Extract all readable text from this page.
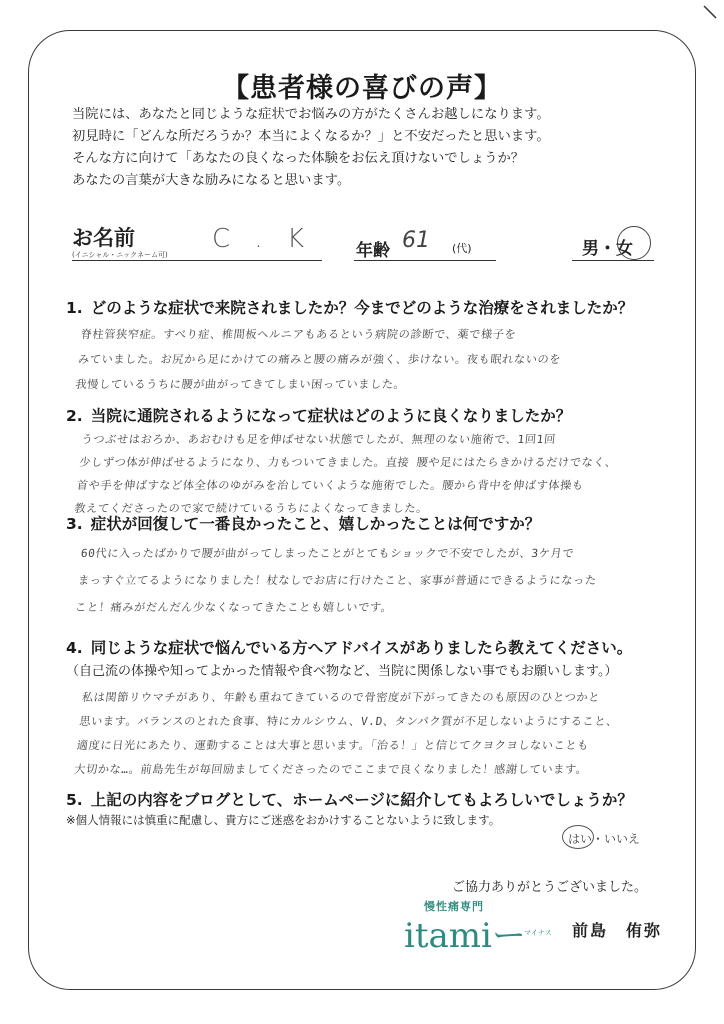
【患者様の喜びの声】
当院には、あなたと同じような症状でお悩みの方がたくさんお越しになります。
初見時に「どんな所だろうか？本当によくなるか？」と不安だったと思います。
そんな方に向けて「あなたの良くなった体験をお伝え頂けないでしょうか？
あなたの言葉が大きな励みになると思います。
お名前
(イニシャル・ニックネーム可)
C . K	年齢 61 (代)	男・女
1. どのような症状で来院されましたか？今までどのような治療をされましたか？
脊柱管狭窄症。すべり症、椎間板ヘルニアもあるという病院の診断で、薬で様子を
みていました。お尻から足にかけての痛みと腰の痛みが強く、歩けない。夜も眠れないのを
我慢しているうちに腰が曲がってきてしまい困っていました。
2. 当院に通院されるようになって症状はどのように良くなりましたか？
うつぶせはおろか、あおむけも足を伸ばせない状態でしたが、無理のない施術で、1回1回
少しずつ体が伸ばせるようになり、力もついてきました。直接 腰や足にはたらきかけるだけでなく、
首や手を伸ばすなど体全体のゆがみを治していくような施術でした。腰から背中を伸ばす体操も
教えてくださったので家で続けているうちによくなってきました。
3. 症状が回復して一番良かったこと、嬉しかったことは何ですか？
60代に入ったばかりで腰が曲がってしまったことがとてもショックで不安でしたが、3ケ月で
まっすぐ立てるようになりました！杖なしでお店に行けたこと、家事が普通にできるようになった
こと！痛みがだんだん少なくなってきたことも嬉しいです。
4. 同じような症状で悩んでいる方へアドバイスがありましたら教えてください。
（自己流の体操や知ってよかった情報や食べ物など、当院に関係しない事でもお願いします。）
私は関節リウマチがあり、年齢も重ねてきているので骨密度が下がってきたのも原因のひとつかと
思います。バランスのとれた食事、特にカルシウム、V.D、タンパク質が不足しないようにすること、
適度に日光にあたり、運動することは大事と思います。「治る！」と信じてクヨクヨしないことも
大切かな…。前島先生が毎回励ましてくださったのでここまで良くなりました！感謝しています。
5. 上記の内容をブログとして、ホームページに紹介してもよろしいでしょうか？
※個人情報には慎重に配慮し、貴方にご迷惑をおかけすることないように致します。
はい・いいえ
ご協力ありがとうございました。
慢性痛専門
itamiー
マイナス 前島　侑弥
